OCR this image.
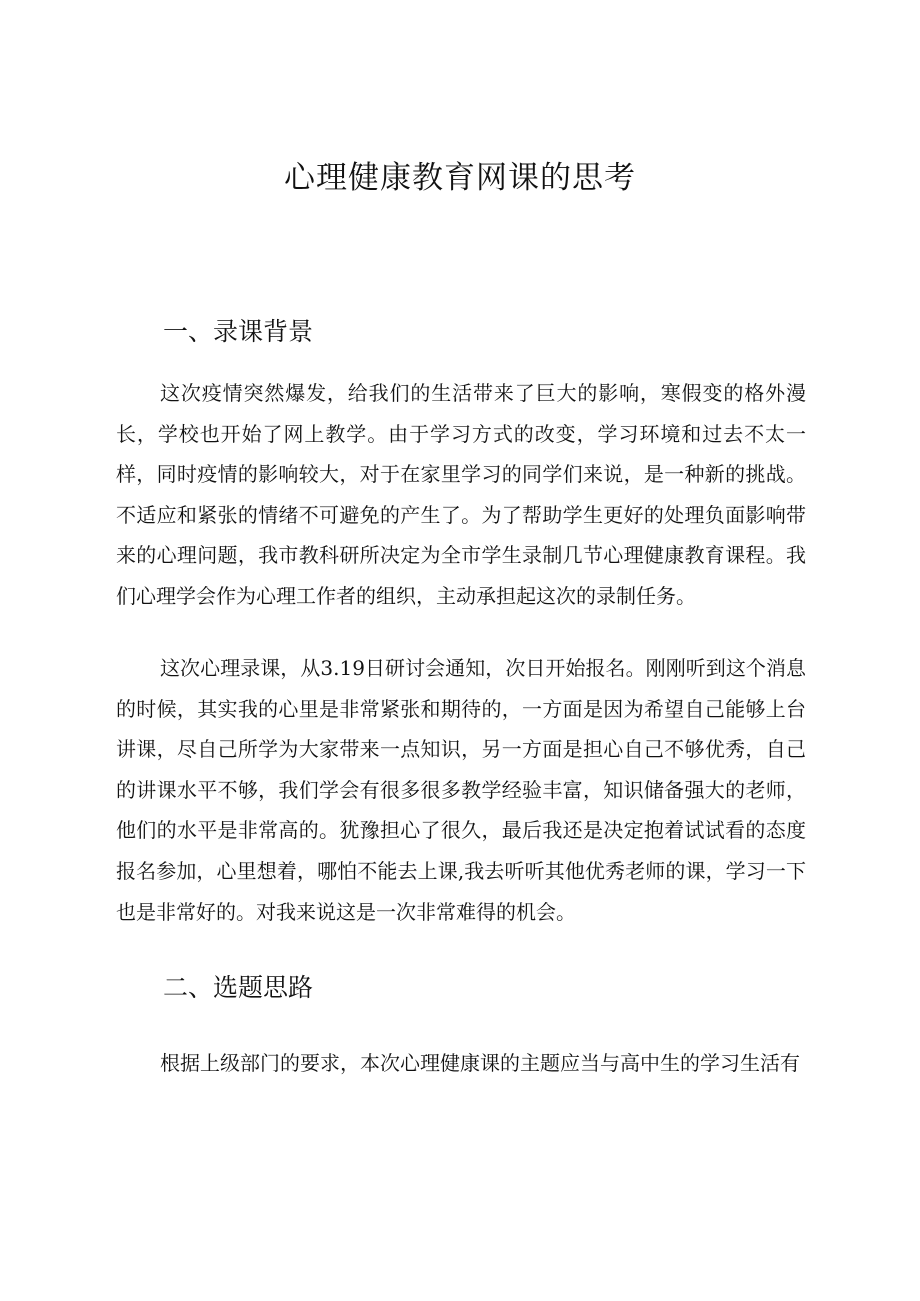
心理健康教育网课的思考
一、录课背景

这次疫情突然爆发，给我们的生活带来了巨大的影响，寒假变的格外漫长，学校也开始了网上教学。由于学习方式的改变，学习环境和过去不太一样，同时疫情的影响较大，对于在家里学习的同学们来说，是一种新的挑战。不适应和紧张的情绪不可避免的产生了。为了帮助学生更好的处理负面影响带来的心理问题，我市教科研所决定为全市学生录制几节心理健康教育课程。我们心理学会作为心理工作者的组织，主动承担起这次的录制任务。

这次心理录课，从3.19日研讨会通知，次日开始报名。刚刚听到这个消息的时候，其实我的心里是非常紧张和期待的，一方面是因为希望自己能够上台讲课，尽自己所学为大家带来一点知识，另一方面是担心自己不够优秀，自己的讲课水平不够，我们学会有很多很多教学经验丰富，知识储备强大的老师，他们的水平是非常高的。犹豫担心了很久，最后我还是决定抱着试试看的态度报名参加，心里想着，哪怕不能去上课,我去听听其他优秀老师的课，学习一下也是非常好的。对我来说这是一次非常难得的机会。

二、选题思路

根据上级部门的要求，本次心理健康课的主题应当与高中生的学习生活有
